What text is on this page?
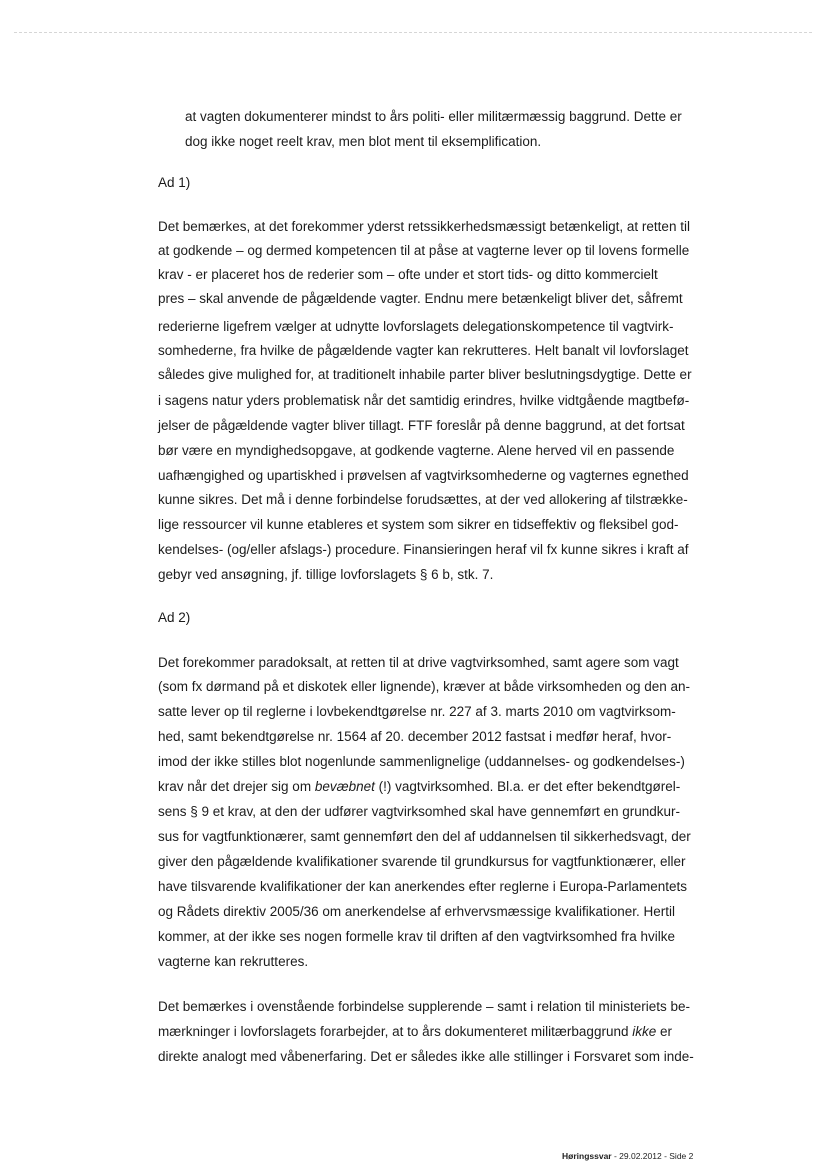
at vagten dokumenterer mindst to års politi- eller militærmæssig baggrund. Dette er

dog ikke noget reelt krav, men blot ment til eksemplification.

Ad 1)

Det bemærkes, at det forekommer yderst retssikkerhedsmæssigt betænkeligt, at retten til

at godkende – og dermed kompetencen til at påse at vagterne lever op til lovens formelle

krav - er placeret hos de rederier som – ofte under et stort tids- og ditto kommercielt

pres – skal anvende de pågældende vagter. Endnu mere betænkeligt bliver det, såfremt

rederierne ligefrem vælger at udnytte lovforslagets delegationskompetence til vagtvirk-

somhederne, fra hvilke de pågældende vagter kan rekrutteres. Helt banalt vil lovforslaget

således give mulighed for, at traditionelt inhabile parter bliver beslutningsdygtige. Dette er

i sagens natur yders problematisk når det samtidig erindres, hvilke vidtgående magtbefø-

jelser de pågældende vagter bliver tillagt. FTF foreslår på denne baggrund, at det fortsat

bør være en myndighedsopgave, at godkende vagterne. Alene herved vil en passende

uafhængighed og upartiskhed i prøvelsen af vagtvirksomhederne og vagternes egnethed

kunne sikres. Det må i denne forbindelse forudsættes, at der ved allokering af tilstrække-

lige ressourcer vil kunne etableres et system som sikrer en tidseffektiv og fleksibel god-

kendelses- (og/eller afslags-) procedure. Finansieringen heraf vil fx kunne sikres i kraft af

gebyr ved ansøgning, jf. tillige lovforslagets § 6 b, stk. 7.

Ad 2)

Det forekommer paradoksalt, at retten til at drive vagtvirksomhed, samt agere som vagt

(som fx dørmand på et diskotek eller lignende), kræver at både virksomheden og den an-

satte lever op til reglerne i lovbekendtgørelse nr. 227 af 3. marts 2010 om vagtvirksom-

hed, samt bekendtgørelse nr. 1564 af 20. december 2012 fastsat i medfør heraf, hvor-

imod der ikke stilles blot nogenlunde sammenlignelige (uddannelses- og godkendelses-)

krav når det drejer sig om bevæbnet (!) vagtvirksomhed. Bl.a. er det efter bekendtgørel-

sens § 9 et krav, at den der udfører vagtvirksomhed skal have gennemført en grundkur-

sus for vagtfunktionærer, samt gennemført den del af uddannelsen til sikkerhedsvagt, der

giver den pågældende kvalifikationer svarende til grundkursus for vagtfunktionærer, eller

have tilsvarende kvalifikationer der kan anerkendes efter reglerne i Europa-Parlamentets

og Rådets direktiv 2005/36 om anerkendelse af erhvervsmæssige kvalifikationer. Hertil

kommer, at der ikke ses nogen formelle krav til driften af den vagtvirksomhed fra hvilke

vagterne kan rekrutteres.

Det bemærkes i ovenstående forbindelse supplerende – samt i relation til ministeriets be-

mærkninger i lovforslagets forarbejder, at to års dokumenteret militærbaggrund ikke er

direkte analogt med våbenerfaring. Det er således ikke alle stillinger i Forsvaret som inde-

Høringssvar - 29.02.2012 - Side 2
